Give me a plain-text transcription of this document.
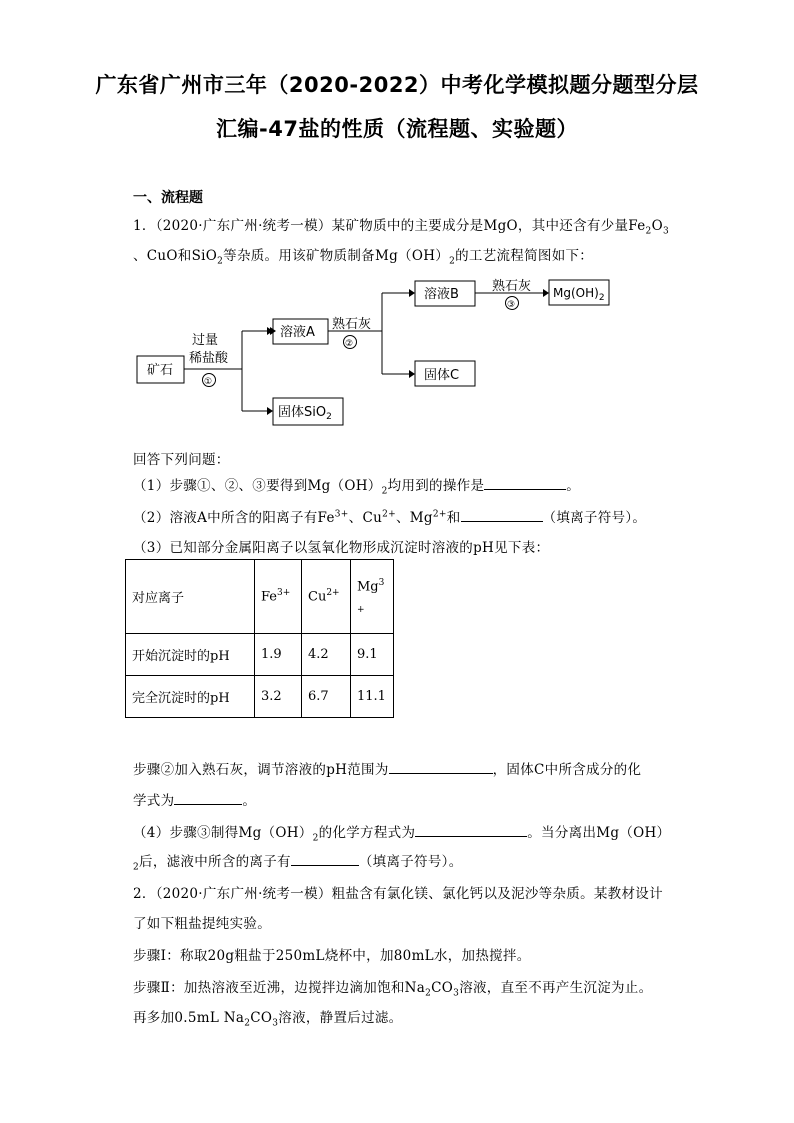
广东省广州市三年（2020-2022）中考化学模拟题分题型分层
汇编-47盐的性质（流程题、实验题）
一、流程题
1．（2020·广东广州·统考一模）某矿物质中的主要成分是MgO，其中还含有少量$Fe_2O_3$
、CuO和SiO$_2$等杂质。用该矿物质制备$Mg(OH)_2$的工艺流程简图如下：
矿石
过量
稀盐酸
①
溶液A
固体SiO$_2$
熟石灰
②
溶液B
固体C
熟石灰
③
$Mg(OH)_2$
回答下列问题：
（1）步骤①、②、③要得到$Mg(OH)_2$均用到的操作是	。
（2）溶液A中所含的阳离子有$Fe^{3+}$、$Cu^{2+}$、$Mg^{2+}$和	（填离子符号）。
（3）已知部分金属阳离子以氢氧化物形成沉淀时溶液的pH见下表：
对应离子	$Fe^{3+}$	$Cu^{2+}$	$Mg^3$
+
开始沉淀时的pH	1.9	4.2	9.1
完全沉淀时的pH	3.2	6.7	11.1
步骤②加入熟石灰，调节溶液的pH范围为	，固体C中所含成分的化
学式为	。
（4）步骤③制得$Mg(OH)_2$的化学方程式为	。当分离出Mg（OH）
$_2$后，滤液中所含的离子有	（填离子符号）。
2．（2020·广东广州·统考一模）粗盐含有氯化镁、氯化钙以及泥沙等杂质。某教材设计
了如下粗盐提纯实验。
步骤Ⅰ：称取20g粗盐于250mL烧杯中，加80mL水，加热搅拌。
步骤Ⅱ：加热溶液至近沸，边搅拌边滴加饱和$Na_2CO_3$溶液，直至不再产生沉淀为止。
再多加0.5mL $Na_2CO_3$溶液，静置后过滤。
